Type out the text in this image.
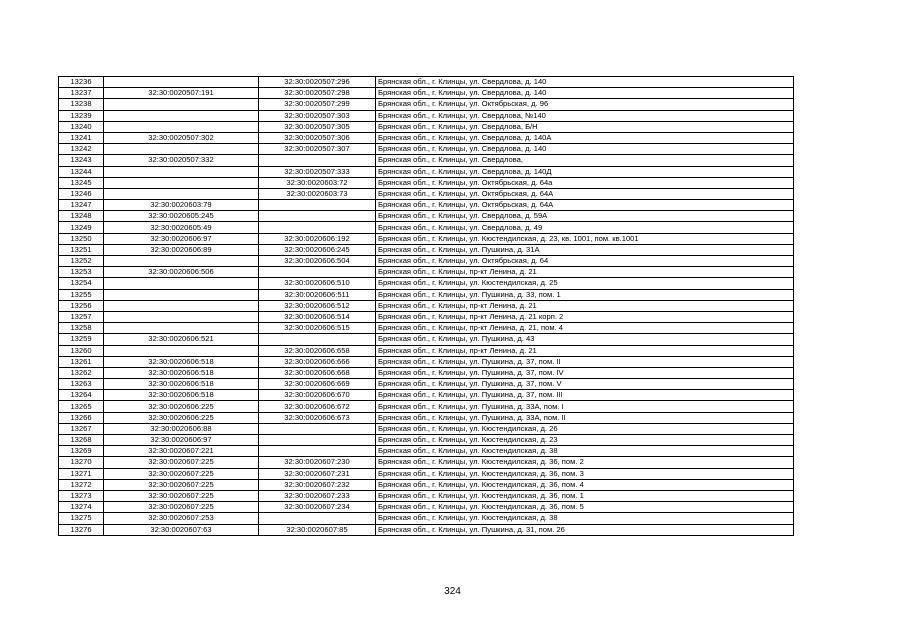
13236		32:30:0020507:296	Брянская обл., г. Клинцы, ул. Свердлова, д. 140
13237	32:30:0020507:191	32:30:0020507:298	Брянская обл., г. Клинцы, ул. Свердлова, д. 140
13238		32:30:0020507:299	Брянская обл., г. Клинцы, ул. Октябрьская, д. 96
13239		32:30:0020507:303	Брянская обл., г. Клинцы, ул. Свердлова, №140
13240		32:30:0020507:305	Брянская обл., г. Клинцы, ул. Свердлова, Б/Н
13241	32:30:0020507:302	32:30:0020507:306	Брянская обл., г. Клинцы, ул. Свердлова, д. 140А
13242		32:30:0020507:307	Брянская обл., г. Клинцы, ул. Свердлова, д. 140
13243	32:30:0020507:332		Брянская обл., г. Клинцы, ул. Свердлова,
13244		32:30:0020507:333	Брянская обл., г. Клинцы, ул. Свердлова, д. 140Д
13245		32:30:0020603:72	Брянская обл., г. Клинцы, ул. Октябрьская, д. 64а
13246		32:30:0020603:73	Брянская обл., г. Клинцы, ул. Октябрьская, д. 64А
13247	32:30:0020603:79		Брянская обл., г. Клинцы, ул. Октябрьская, д. 64А
13248	32:30:0020605:245		Брянская обл., г. Клинцы, ул. Свердлова, д. 59А
13249	32:30:0020605:49		Брянская обл., г. Клинцы, ул. Свердлова, д. 49
13250	32:30:0020606:97	32:30:0020606:192	Брянская обл., г. Клинцы, ул. Кюстендилская, д. 23, кв. 1001, пом. кв.1001
13251	32:30:0020606:89	32:30:0020606:245	Брянская обл., г. Клинцы, ул. Пушкина, д. 31А
13252		32:30:0020606:504	Брянская обл., г. Клинцы, ул. Октябрьская, д. 64
13253	32:30:0020606:506		Брянская обл., г. Клинцы, пр-кт Ленина, д. 21
13254		32:30:0020606:510	Брянская обл., г. Клинцы, ул. Кюстендилская, д. 25
13255		32:30:0020606:511	Брянская обл., г. Клинцы, ул. Пушкина, д. 33, пом. 1
13256		32:30:0020606:512	Брянская обл., г. Клинцы, пр-кт Ленина, д. 21
13257		32:30:0020606:514	Брянская обл., г. Клинцы, пр-кт Ленина, д. 21 корп. 2
13258		32:30:0020606:515	Брянская обл., г. Клинцы, пр-кт Ленина, д. 21, пом. 4
13259	32:30:0020606:521		Брянская обл., г. Клинцы, ул. Пушкина, д. 43
13260		32:30:0020606:658	Брянская обл., г. Клинцы, пр-кт Ленина, д. 21
13261	32:30:0020606:518	32:30:0020606:666	Брянская обл., г. Клинцы, ул. Пушкина, д. 37, пом. II
13262	32:30:0020606:518	32:30:0020606:668	Брянская обл., г. Клинцы, ул. Пушкина, д. 37, пом. IV
13263	32:30:0020606:518	32:30:0020606:669	Брянская обл., г. Клинцы, ул. Пушкина, д. 37, пом. V
13264	32:30:0020606:518	32:30:0020606:670	Брянская обл., г. Клинцы, ул. Пушкина, д. 37, пом. III
13265	32:30:0020606:225	32:30:0020606:672	Брянская обл., г. Клинцы, ул. Пушкина, д. 33А, пом. I
13266	32:30:0020606:225	32:30:0020606:673	Брянская обл., г. Клинцы, ул. Пушкина, д. 33А, пом. II
13267	32:30:0020606:88		Брянская обл., г. Клинцы, ул. Кюстендилская, д. 26
13268	32:30:0020606:97		Брянская обл., г. Клинцы, ул. Кюстендилская, д. 23
13269	32:30:0020607:221		Брянская обл., г. Клинцы, ул. Кюстендилская, д. 38
13270	32:30:0020607:225	32:30:0020607:230	Брянская обл., г. Клинцы, ул. Кюстендилская, д. 36, пом. 2
13271	32:30:0020607:225	32:30:0020607:231	Брянская обл., г. Клинцы, ул. Кюстендилская, д. 36, пом. 3
13272	32:30:0020607:225	32:30:0020607:232	Брянская обл., г. Клинцы, ул. Кюстендилская, д. 36, пом. 4
13273	32:30:0020607:225	32:30:0020607:233	Брянская обл., г. Клинцы, ул. Кюстендилская, д. 36, пом. 1
13274	32:30:0020607:225	32:30:0020607:234	Брянская обл., г. Клинцы, ул. Кюстендилская, д. 36, пом. 5
13275	32:30:0020607:253		Брянская обл., г. Клинцы, ул. Кюстендилская, д. 38
13276	32:30:0020607:63	32:30:0020607:85	Брянская обл., г. Клинцы, ул. Пушкина, д. 31, пом. 26
324
